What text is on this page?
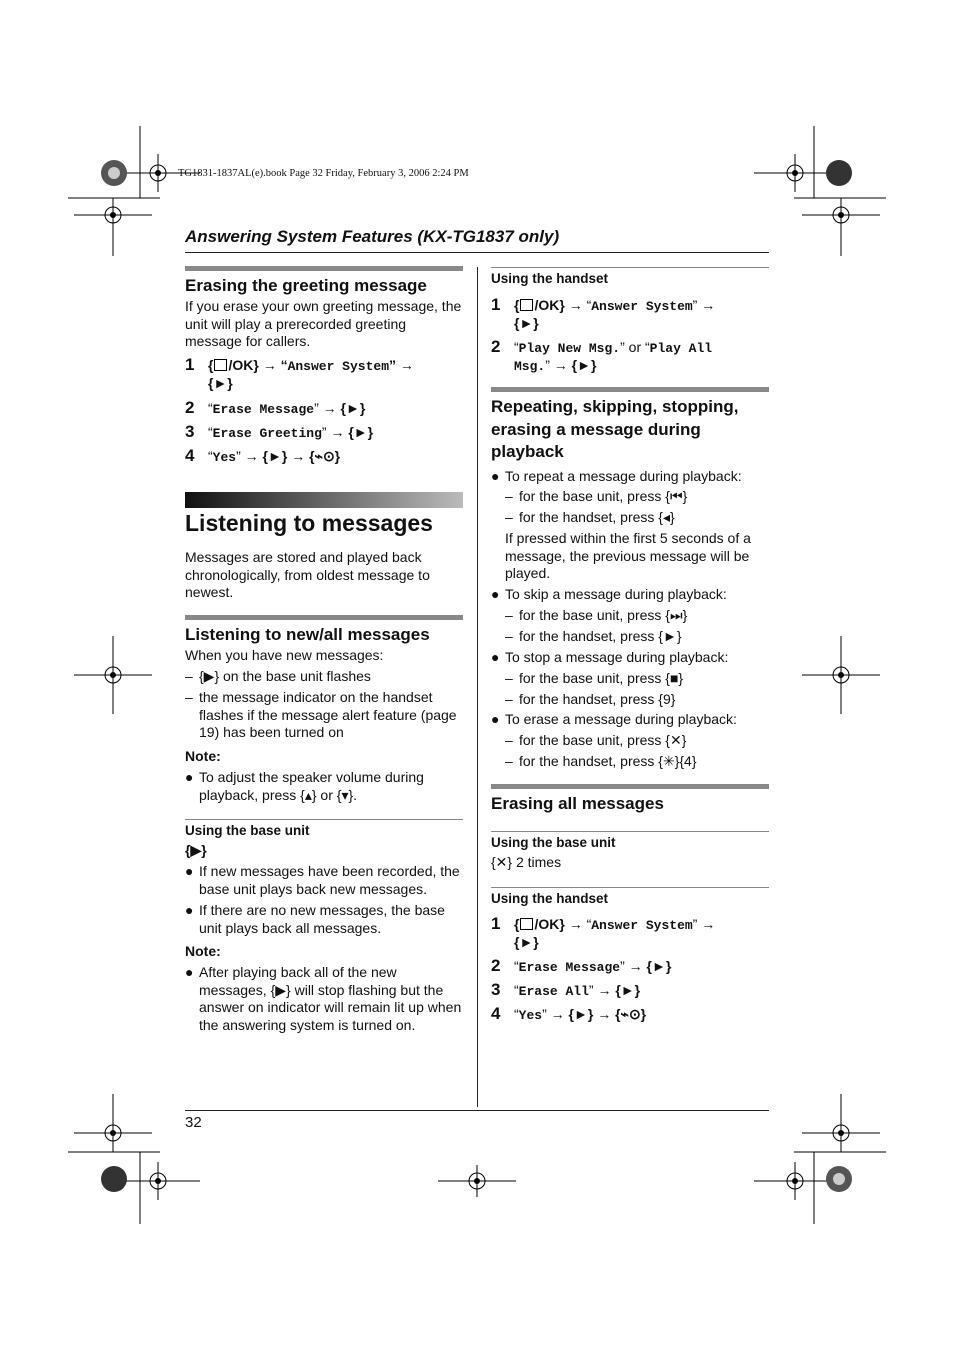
TG1831-1837AL(e).book Page 32 Friday, February 3, 2006 2:24 PM
Answering System Features (KX-TG1837 only)
Erasing the greeting message
If you erase your own greeting message, the
unit will play a prerecorded greeting
message for callers.
1 { /OK} → “Answer System” →
{►}
2 “Erase Message” → {►}
3 “Erase Greeting” → {►}
4 “Yes” → {►} → {⌁⊙}
Listening to messages
Messages are stored and played back
chronologically, from oldest message to
newest.
Listening to new/all messages
When you have new messages:
– {▶} on the base unit flashes
– the message indicator on the handset
flashes if the message alert feature (page
19) has been turned on
Note:
● To adjust the speaker volume during
playback, press {▴} or {▾}.
Using the base unit
{▶}
● If new messages have been recorded, the
base unit plays back new messages.
● If there are no new messages, the base
unit plays back all messages.
Note:
● After playing back all of the new
messages, {▶} will stop flashing but the
answer on indicator will remain lit up when
the answering system is turned on.
Using the handset
1 { /OK} → “Answer System” →
{►}
2 “Play New Msg.” or “Play All
Msg.” → {►}
Repeating, skipping, stopping,
erasing a message during
playback
● To repeat a message during playback:
– for the base unit, press {⏮}
– for the handset, press {◂}
If pressed within the first 5 seconds of a
message, the previous message will be
played.
● To skip a message during playback:
– for the base unit, press {⏭}
– for the handset, press {►}
● To stop a message during playback:
– for the base unit, press {■}
– for the handset, press {9}
● To erase a message during playback:
– for the base unit, press {✕}
– for the handset, press {✳}{4}
Erasing all messages
Using the base unit
{✕} 2 times
Using the handset
1 { /OK} → “Answer System” →
{►}
2 “Erase Message” → {►}
3 “Erase All” → {►}
4 “Yes” → {►} → {⌁⊙}
32
